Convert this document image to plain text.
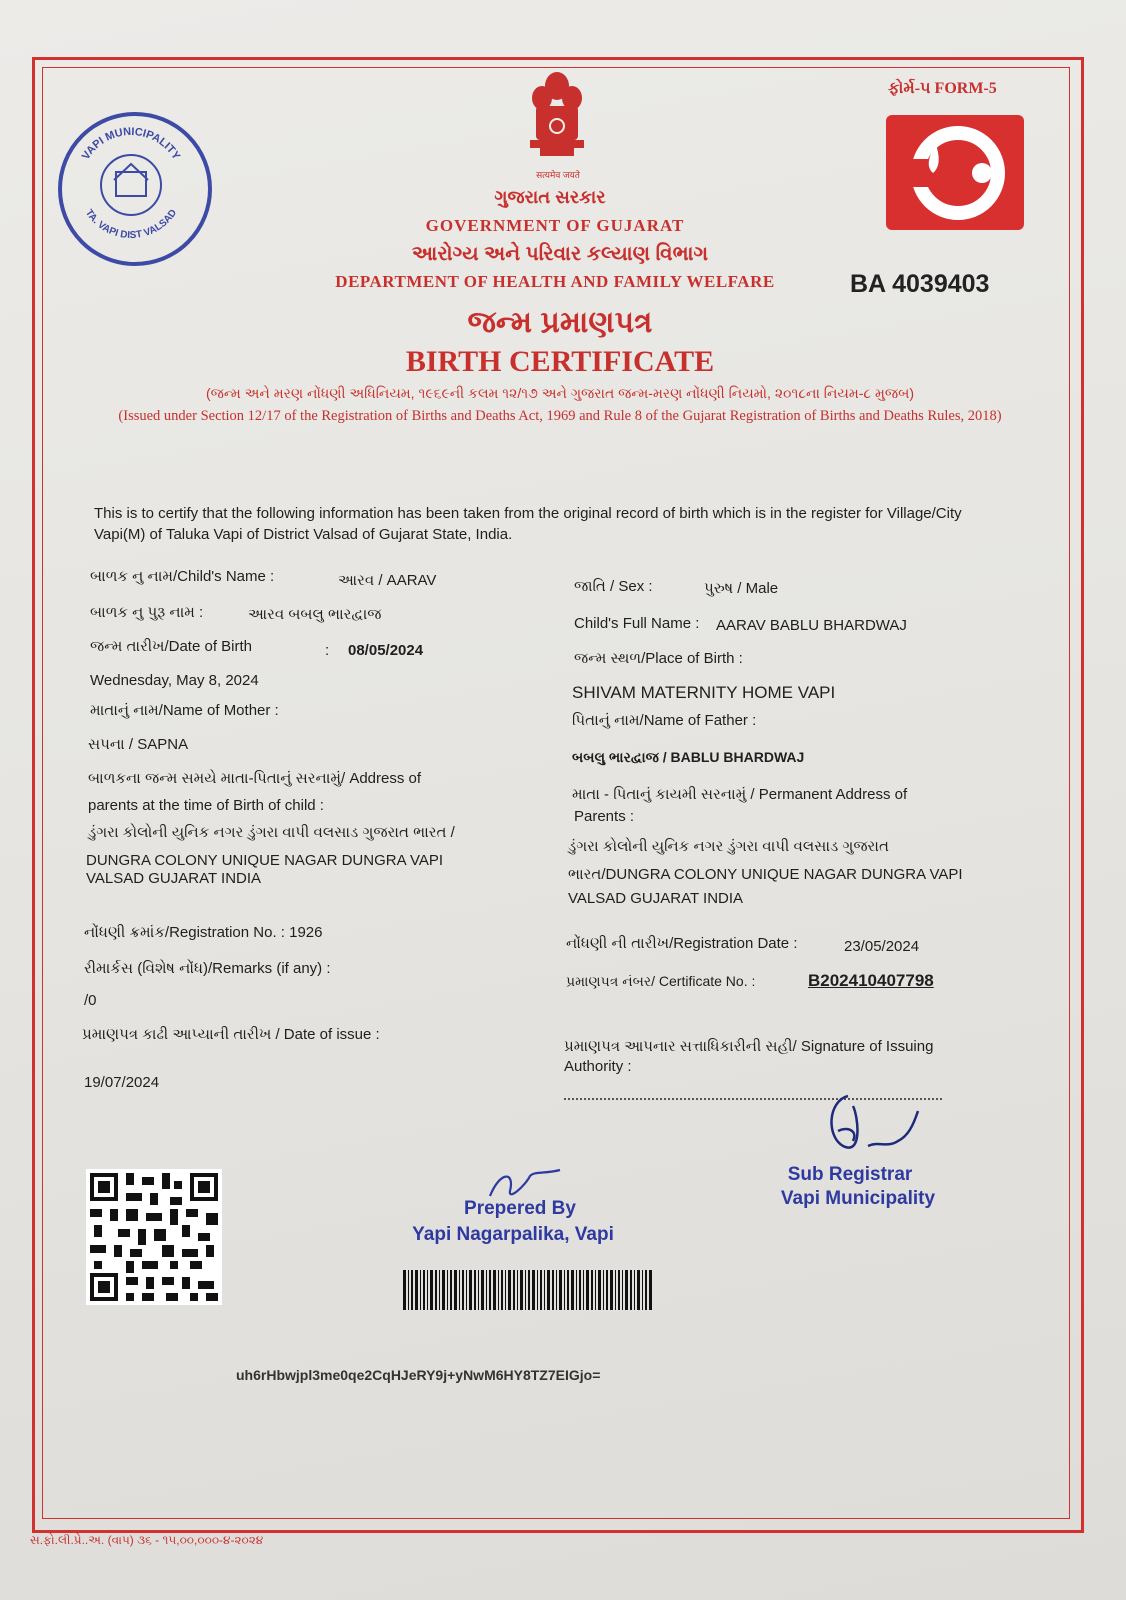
VAPI MUNICIPALITY
TA. VAPI DIST VALSAD
सत्यमेव जयते
ગુજરાત સરકાર
GOVERNMENT OF GUJARAT
આરોગ્ય અને પરિવાર કલ્યાણ વિભાગ
DEPARTMENT OF HEALTH AND FAMILY WELFARE
ફોર્મ-૫ FORM-5
BA 4039403
જન્મ પ્રમાણપત્ર
BIRTH CERTIFICATE
(જન્મ અને મરણ નોંધણી અધિનિયમ, ૧૯૬૯ની કલમ ૧૨/૧૭ અને ગુજરાત જન્મ-મરણ નોંધણી નિયમો, ૨૦૧૮ના નિયમ-૮ મુજબ)
(Issued under Section 12/17 of the Registration of Births and Deaths Act, 1969 and Rule 8 of the Gujarat Registration of Births and Deaths Rules, 2018)
This is to certify that the following information has been taken from the original record of birth which is in the register for Village/City
Vapi(M) of Taluka Vapi of District Valsad of Gujarat State, India.
બાળક નુ નામ/Child's Name :	આરવ / AARAV
બાળક નુ પુરૂ નામ :	આરવ બબલુ ભારદ્વાજ
જન્મ તારીખ/Date of Birth	: 08/05/2024
Wednesday, May 8, 2024
માતાનું નામ/Name of Mother :
સપના / SAPNA
બાળકના જન્મ સમયે માતા-પિતાનું સરનામું/ Address of
parents at the time of Birth of child :
ડુંગરા કોલોની યુનિક નગર ડુંગરા વાપી વલસાડ ગુજરાત ભારત /
DUNGRA COLONY UNIQUE NAGAR DUNGRA VAPI
VALSAD GUJARAT INDIA
નોંધણી ક્રમાંક/Registration No. : 1926
રીમાર્કસ (વિશેષ નોંધ)/Remarks (if any) :
/0
પ્રમાણપત્ર કાઢી આપ્યાની તારીખ / Date of issue :
19/07/2024
જાતિ / Sex :	પુરુષ / Male
Child's Full Name : AARAV BABLU BHARDWAJ
જન્મ સ્થળ/Place of Birth :
SHIVAM MATERNITY HOME VAPI
પિતાનું નામ/Name of Father :
બબલુ ભારદ્વાજ / BABLU BHARDWAJ
માતા - પિતાનું કાયમી સરનામું / Permanent Address of
Parents :
ડુંગરા કોલોની યુનિક નગર ડુંગરા વાપી વલસાડ ગુજરાત
ભારત/DUNGRA COLONY UNIQUE NAGAR DUNGRA VAPI
VALSAD GUJARAT INDIA
નોંધણી ની તારીખ/Registration Date :	23/05/2024
પ્રમાણપત્ર નંબર/ Certificate No. :	B202410407798
પ્રમાણપત્ર આપનાર સત્તાધિકારીની સહી/ Signature of Issuing
Authority :
Sub Registrar
Vapi Municipality
Prepered By
Yapi Nagarpalika, Vapi
uh6rHbwjpl3me0qe2CqHJeRY9j+yNwM6HY8TZ7EIGjo=
સ.ફો.લી.પ્રે..અ. (વાપ) ૩૬ - ૧૫,૦૦,૦૦૦-૪-૨૦૨૪
